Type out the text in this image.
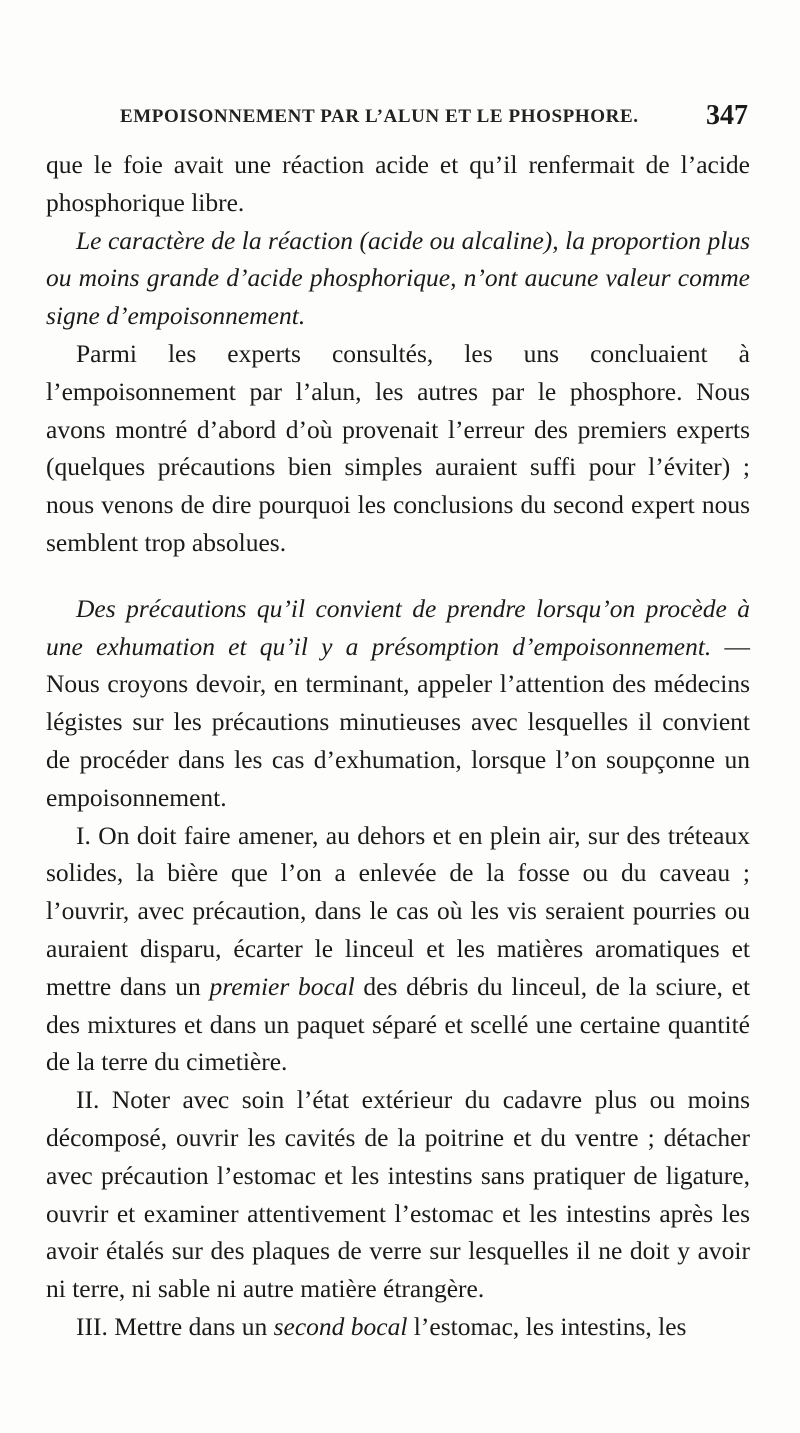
EMPOISONNEMENT PAR L’ALUN ET LE PHOSPHORE. 347

que le foie avait une réaction acide et qu’il renfermait de l’acide phosphorique libre.

Le caractère de la réaction (acide ou alcaline), la proportion plus ou moins grande d’acide phosphorique, n’ont aucune valeur comme signe d’empoisonnement.

Parmi les experts consultés, les uns concluaient à l’empoisonnement par l’alun, les autres par le phosphore. Nous avons montré d’abord d’où provenait l’erreur des premiers experts (quelques précautions bien simples auraient suffi pour l’éviter) ; nous venons de dire pourquoi les conclusions du second expert nous semblent trop absolues.

Des précautions qu’il convient de prendre lorsqu’on procède à une exhumation et qu’il y a présomption d’empoisonnement. — Nous croyons devoir, en terminant, appeler l’attention des médecins légistes sur les précautions minutieuses avec lesquelles il convient de procéder dans les cas d’exhumation, lorsque l’on soupçonne un empoisonnement.

I. On doit faire amener, au dehors et en plein air, sur des tréteaux solides, la bière que l’on a enlevée de la fosse ou du caveau ; l’ouvrir, avec précaution, dans le cas où les vis seraient pourries ou auraient disparu, écarter le linceul et les matières aromatiques et mettre dans un premier bocal des débris du linceul, de la sciure, et des mixtures et dans un paquet séparé et scellé une certaine quantité de la terre du cimetière.

II. Noter avec soin l’état extérieur du cadavre plus ou moins décomposé, ouvrir les cavités de la poitrine et du ventre ; détacher avec précaution l’estomac et les intestins sans pratiquer de ligature, ouvrir et examiner attentivement l’estomac et les intestins après les avoir étalés sur des plaques de verre sur lesquelles il ne doit y avoir ni terre, ni sable ni autre matière étrangère.

III. Mettre dans un second bocal l’estomac, les intestins, les
